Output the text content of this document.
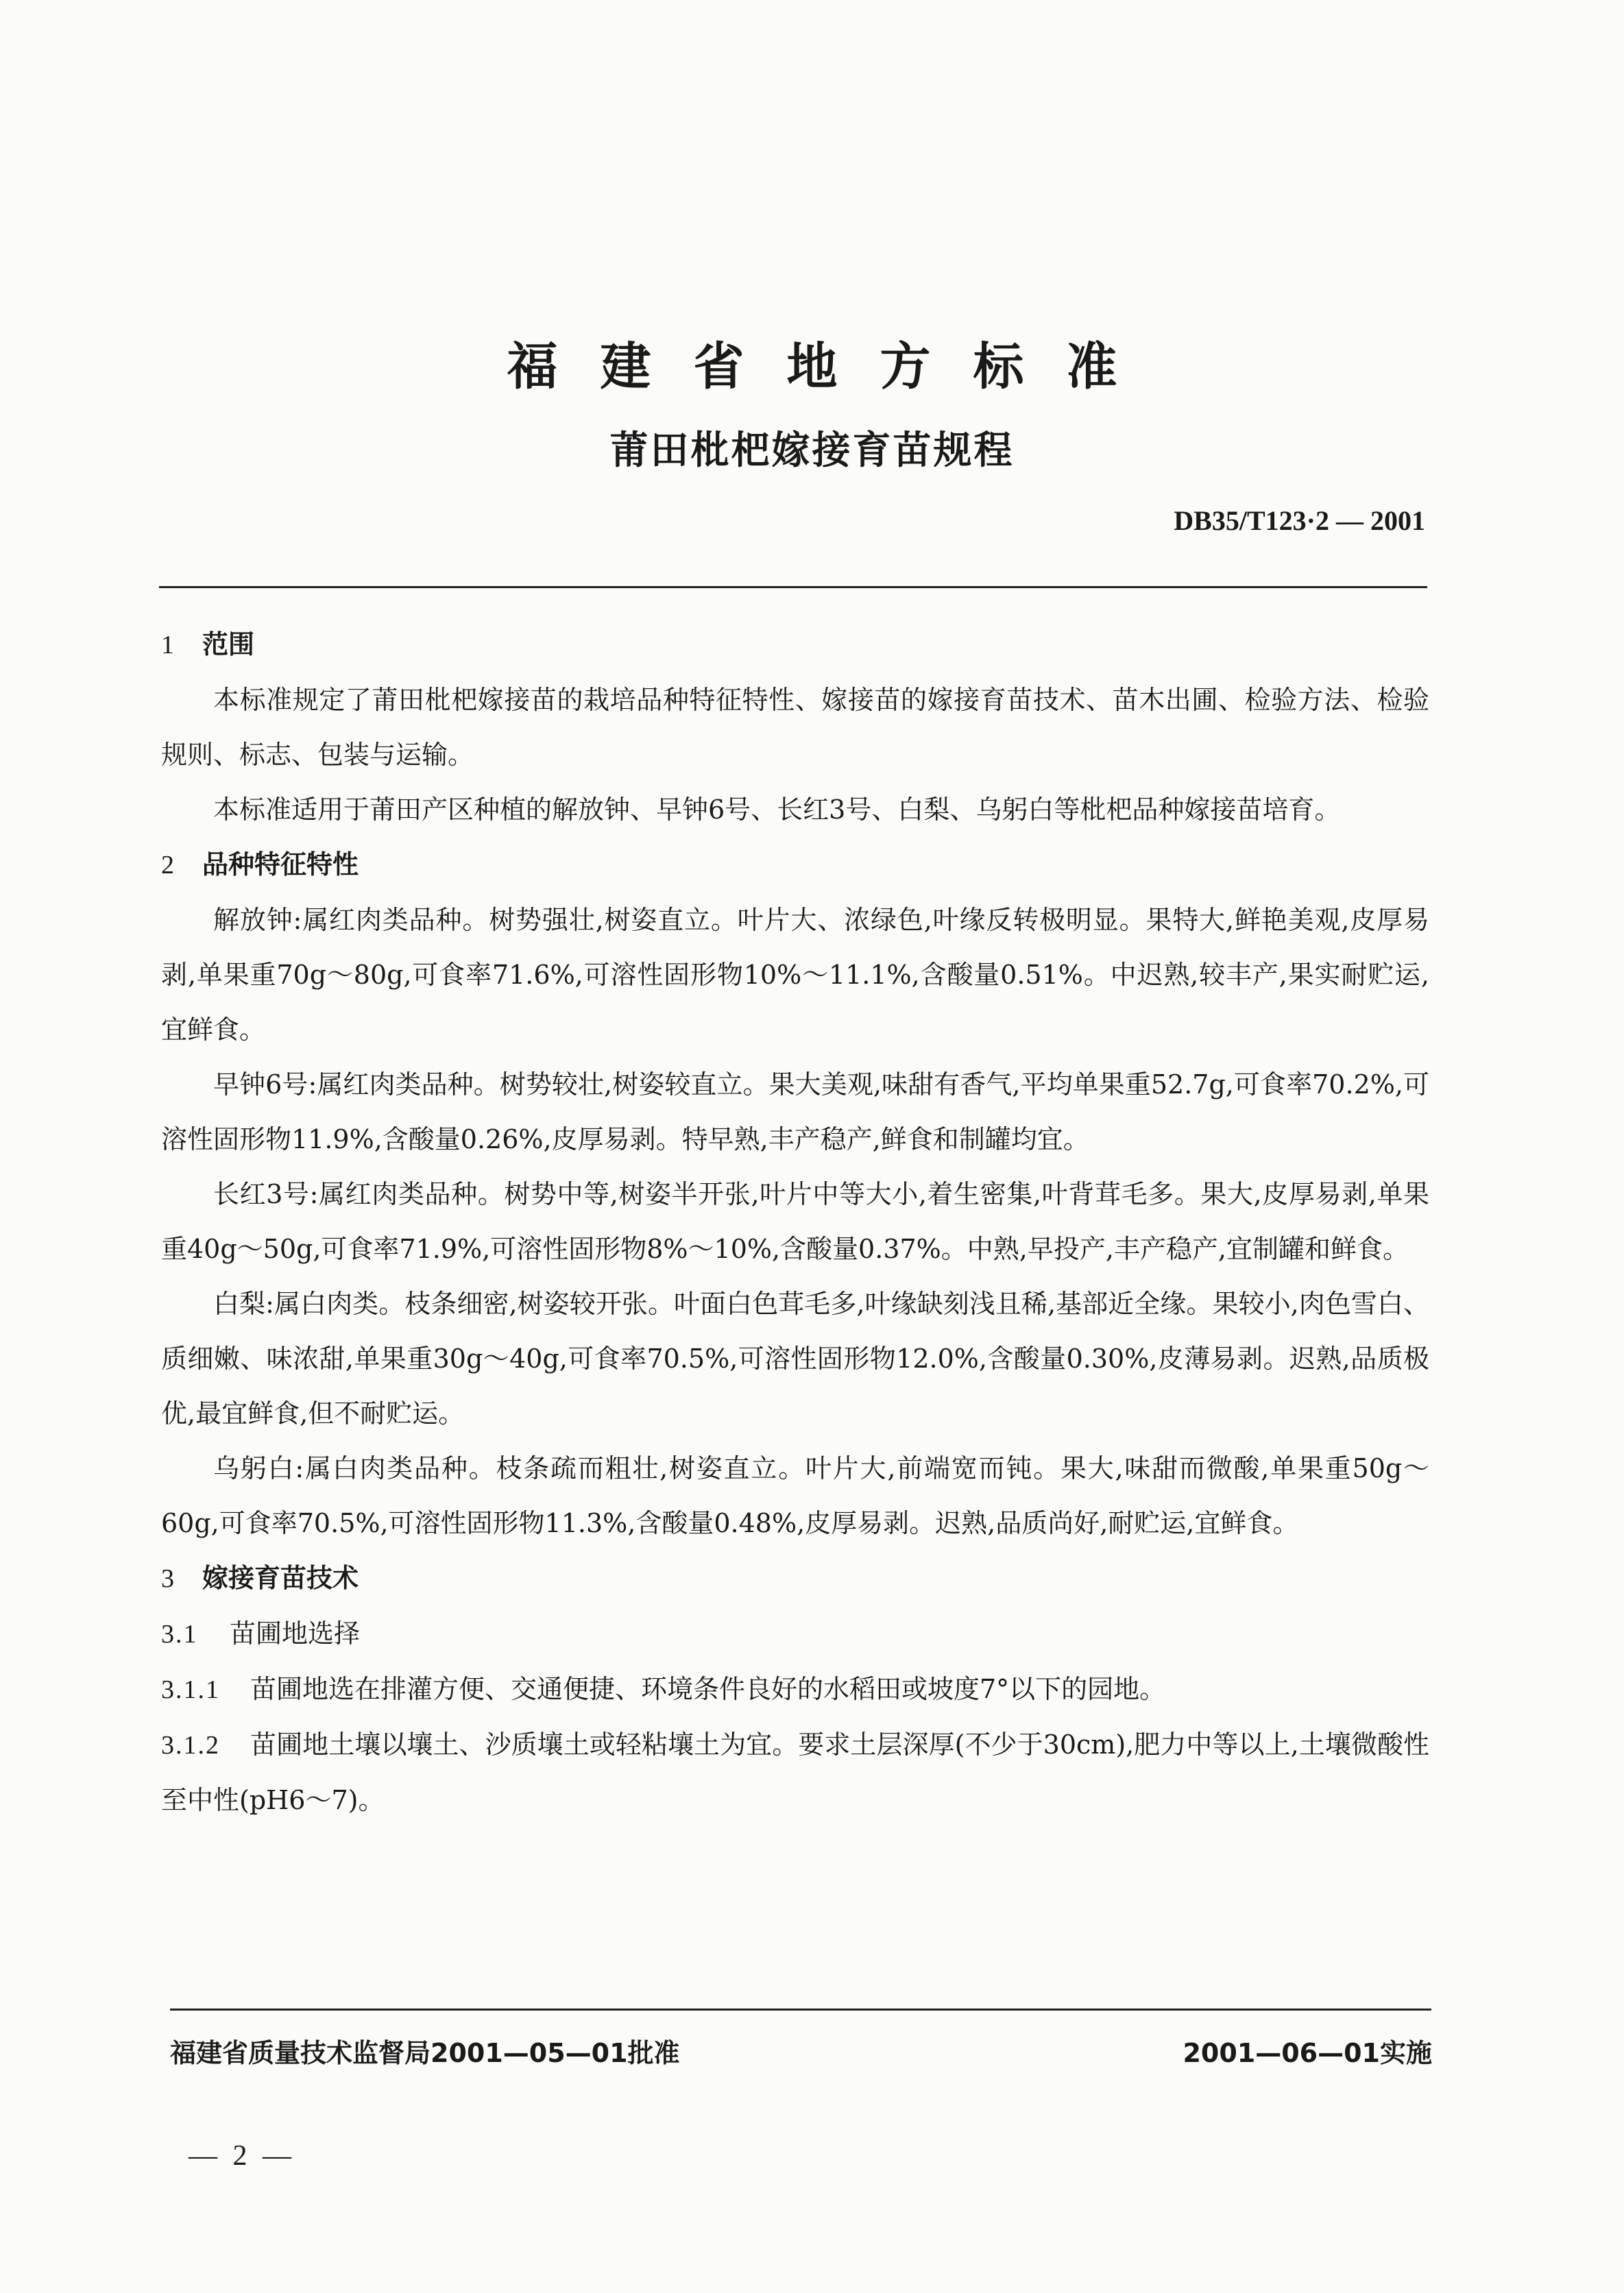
福建省地方标准
莆田枇杷嫁接育苗规程
DB35/T123·2 — 2001

1 范围

本标准规定了莆田枇杷嫁接苗的栽培品种特征特性、嫁接苗的嫁接育苗技术、苗木出圃、检验方法、检验规则、标志、包装与运输。

本标准适用于莆田产区种植的解放钟、早钟6号、长红3号、白梨、乌躬白等枇杷品种嫁接苗培育。

2 品种特征特性

解放钟:属红肉类品种。树势强壮,树姿直立。叶片大、浓绿色,叶缘反转极明显。果特大,鲜艳美观,皮厚易剥,单果重70g～80g,可食率71.6%,可溶性固形物10%～11.1%,含酸量0.51%。中迟熟,较丰产,果实耐贮运,宜鲜食。

早钟6号:属红肉类品种。树势较壮,树姿较直立。果大美观,味甜有香气,平均单果重52.7g,可食率70.2%,可溶性固形物11.9%,含酸量0.26%,皮厚易剥。特早熟,丰产稳产,鲜食和制罐均宜。

长红3号:属红肉类品种。树势中等,树姿半开张,叶片中等大小,着生密集,叶背茸毛多。果大,皮厚易剥,单果重40g～50g,可食率71.9%,可溶性固形物8%～10%,含酸量0.37%。中熟,早投产,丰产稳产,宜制罐和鲜食。

白梨:属白肉类。枝条细密,树姿较开张。叶面白色茸毛多,叶缘缺刻浅且稀,基部近全缘。果较小,肉色雪白、质细嫩、味浓甜,单果重30g～40g,可食率70.5%,可溶性固形物12.0%,含酸量0.30%,皮薄易剥。迟熟,品质极优,最宜鲜食,但不耐贮运。

乌躬白:属白肉类品种。枝条疏而粗壮,树姿直立。叶片大,前端宽而钝。果大,味甜而微酸,单果重50g～60g,可食率70.5%,可溶性固形物11.3%,含酸量0.48%,皮厚易剥。迟熟,品质尚好,耐贮运,宜鲜食。

3 嫁接育苗技术

3.1 苗圃地选择

3.1.1 苗圃地选在排灌方便、交通便捷、环境条件良好的水稻田或坡度7°以下的园地。

3.1.2 苗圃地土壤以壤土、沙质壤土或轻粘壤土为宜。要求土层深厚(不少于30cm),肥力中等以上,土壤微酸性至中性(pH6～7)。

福建省质量技术监督局2001—05—01批准	2001—06—01实施
— 2 —
